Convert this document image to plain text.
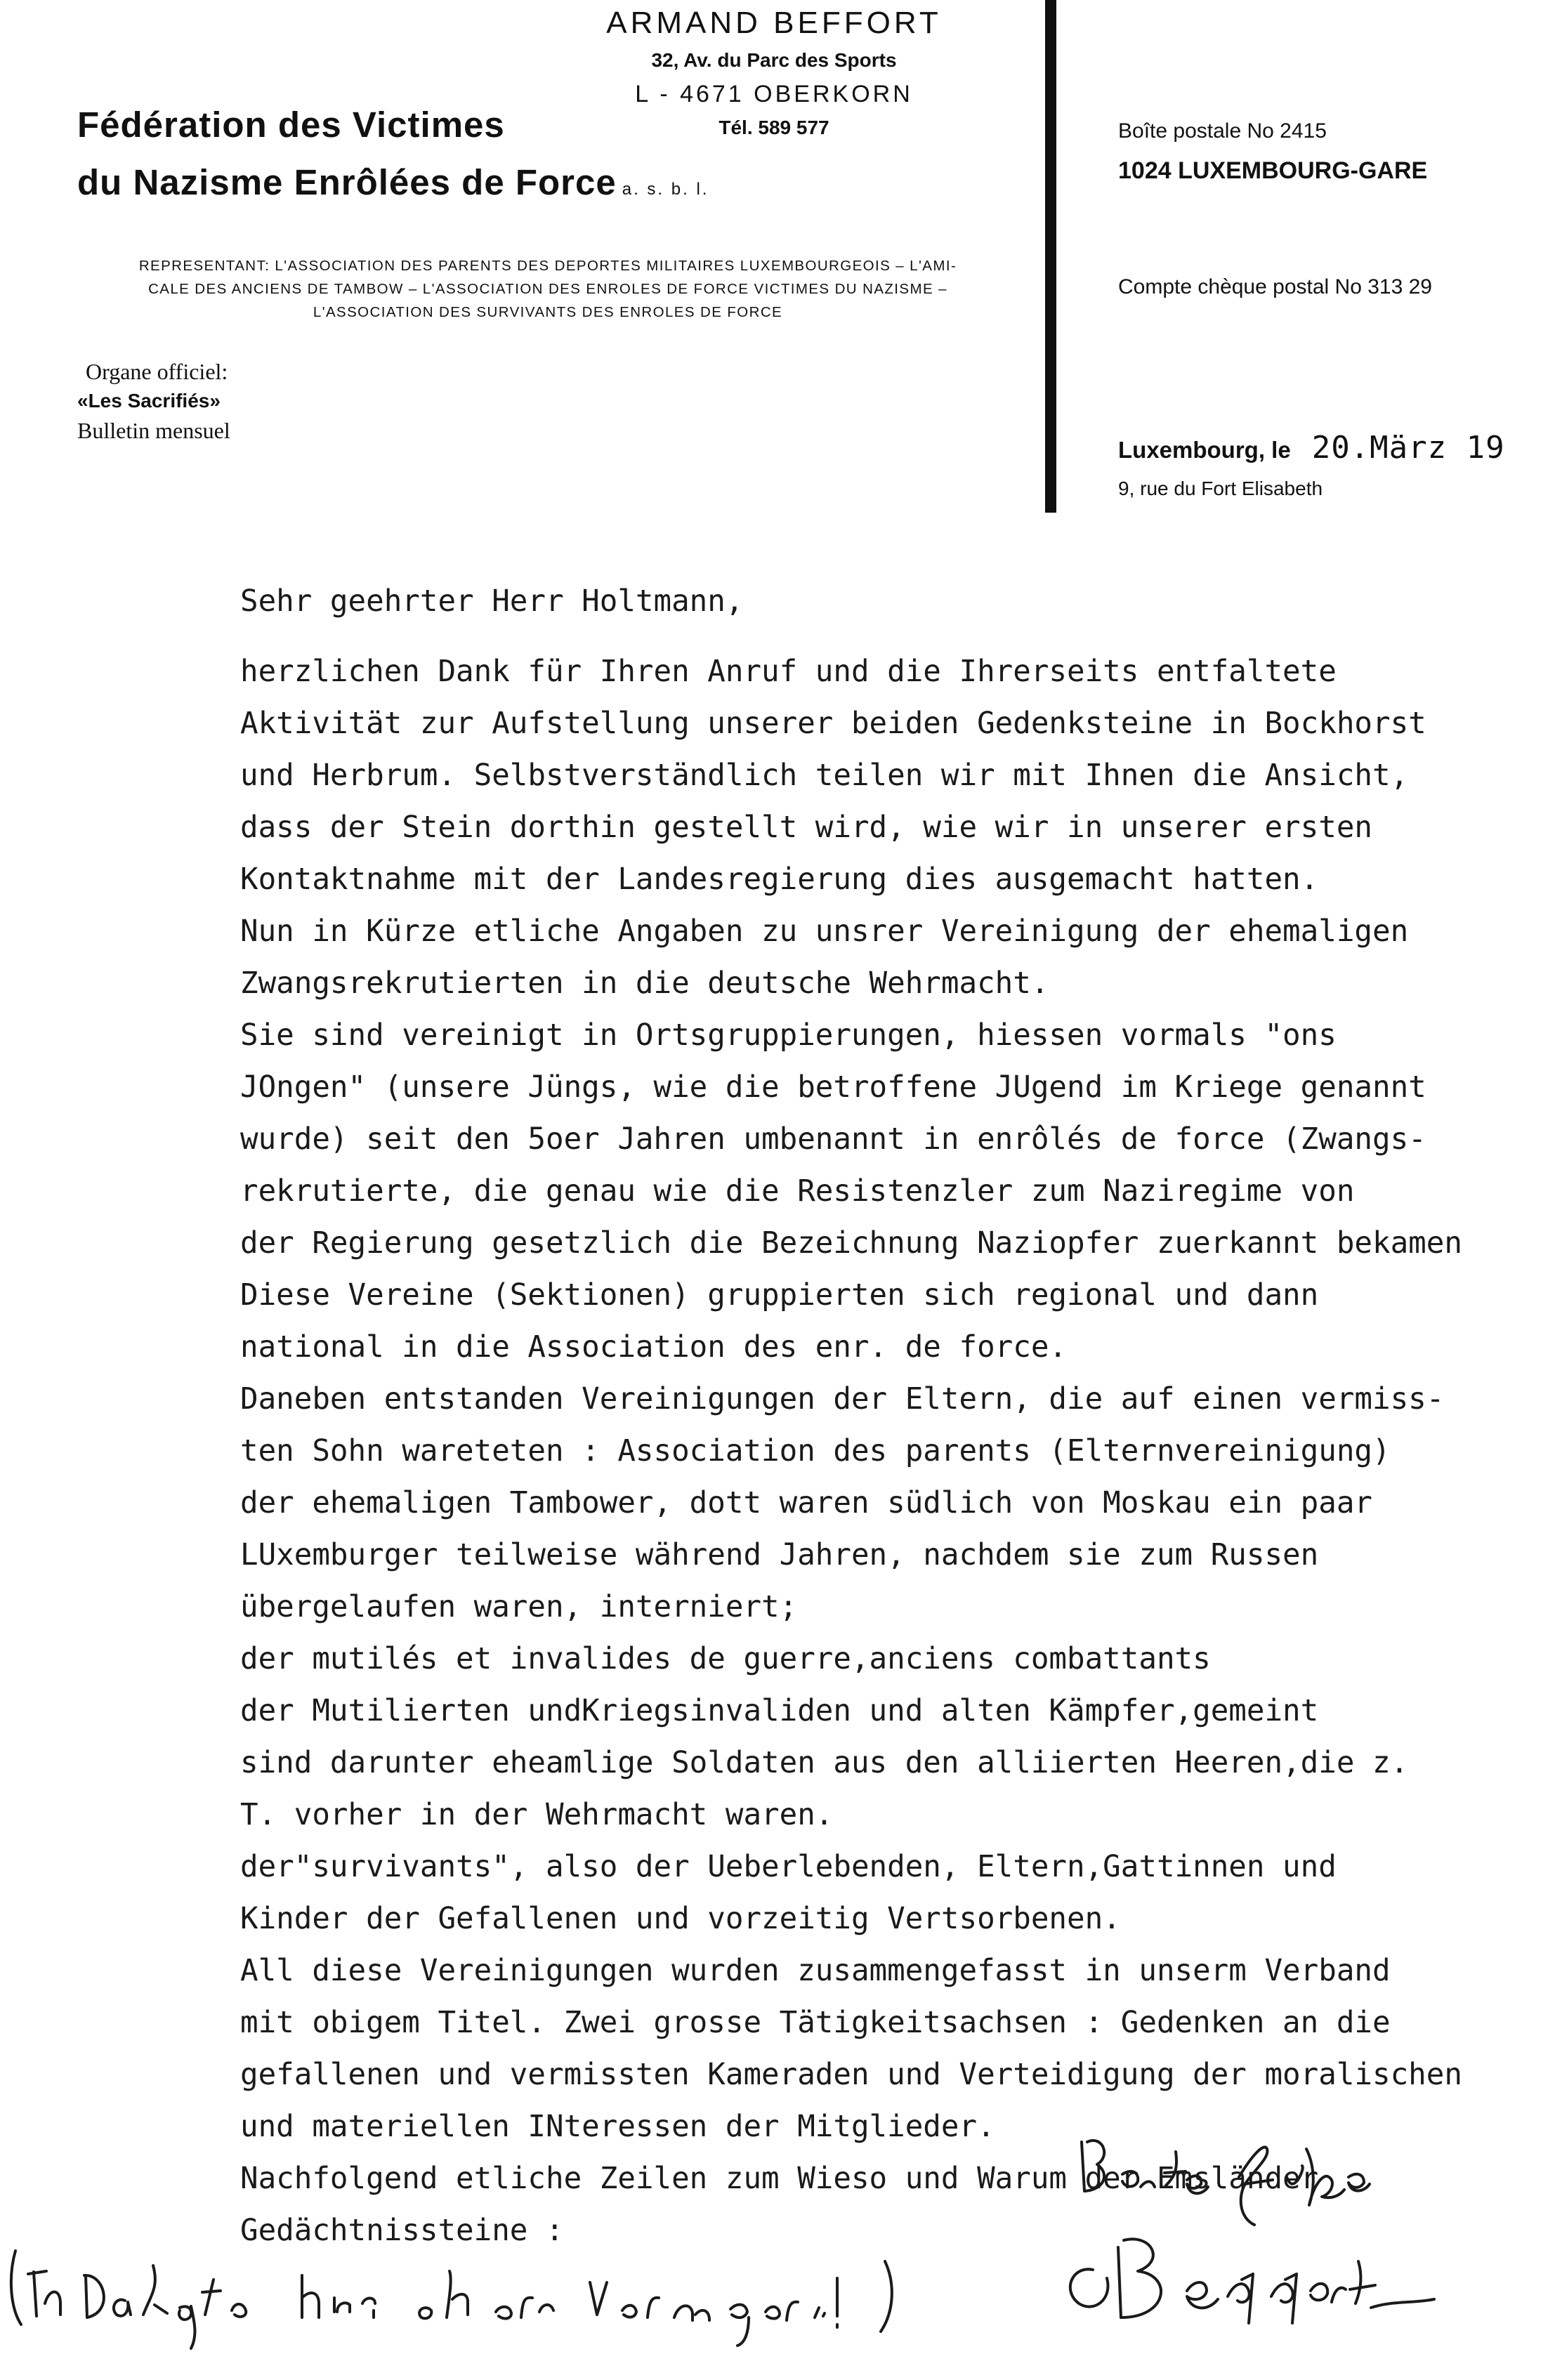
ARMAND BEFFORT
32, Av. du Parc des Sports
L - 4671 OBERKORN
Tél. 589 577
Fédération des Victimes
du Nazisme Enrôlées de Force a. s. b. l.
REPRESENTANT: L'ASSOCIATION DES PARENTS DES DEPORTES MILITAIRES LUXEMBOURGEOIS – L'AMI-
CALE DES ANCIENS DE TAMBOW – L'ASSOCIATION DES ENROLES DE FORCE VICTIMES DU NAZISME –
L'ASSOCIATION DES SURVIVANTS DES ENROLES DE FORCE
Organe officiel:
«Les Sacrifiés»
Bulletin mensuel
Boîte postale No 2415
1024 LUXEMBOURG-GARE
Compte chèque postal No 313 29
Luxembourg, le 20.März 19
9, rue du Fort Elisabeth
Sehr geehrter Herr Holtmann,
herzlichen Dank für Ihren Anruf und die Ihrerseits entfaltete
Aktivität zur Aufstellung unserer beiden Gedenksteine in Bockhorst
und Herbrum. Selbstverständlich teilen wir mit Ihnen die Ansicht,
dass der Stein dorthin gestellt wird, wie wir in unserer ersten
Kontaktnahme mit der Landesregierung dies ausgemacht hatten.
Nun in Kürze etliche Angaben zu unsrer Vereinigung der ehemaligen
Zwangsrekrutierten in die deutsche Wehrmacht.
Sie sind vereinigt in Ortsgruppierungen, hiessen vormals "ons
JOngen" (unsere Jüngs, wie die betroffene JUgend im Kriege genannt
wurde) seit den 5oer Jahren umbenannt in enrôlés de force (Zwangs-
rekrutierte, die genau wie die Resistenzler zum Naziregime von
der Regierung gesetzlich die Bezeichnung Naziopfer zuerkannt bekamen
Diese Vereine (Sektionen) gruppierten sich regional und dann
national in die Association des enr. de force.
Daneben entstanden Vereinigungen der Eltern, die auf einen vermiss-
ten Sohn wareteten : Association des parents (Elternvereinigung)
der ehemaligen Tambower, dott waren südlich von Moskau ein paar
LUxemburger teilweise während Jahren, nachdem sie zum Russen
übergelaufen waren, interniert;
der mutilés et invalides de guerre,anciens combattants
der Mutilierten undKriegsinvaliden und alten Kämpfer,gemeint
sind darunter eheamlige Soldaten aus den alliierten Heeren,die z.
T. vorher in der Wehrmacht waren.
der"survivants", also der Ueberlebenden, Eltern,Gattinnen und
Kinder der Gefallenen und vorzeitig Vertsorbenen.
All diese Vereinigungen wurden zusammengefasst in unserm Verband
mit obigem Titel. Zwei grosse Tätigkeitsachsen : Gedenken an die
gefallenen und vermissten Kameraden und Verteidigung der moralischen
und materiellen INteressen der Mitglieder.
Nachfolgend etliche Zeilen zum Wieso und Warum der Emsländer
Gedächtnissteine :
